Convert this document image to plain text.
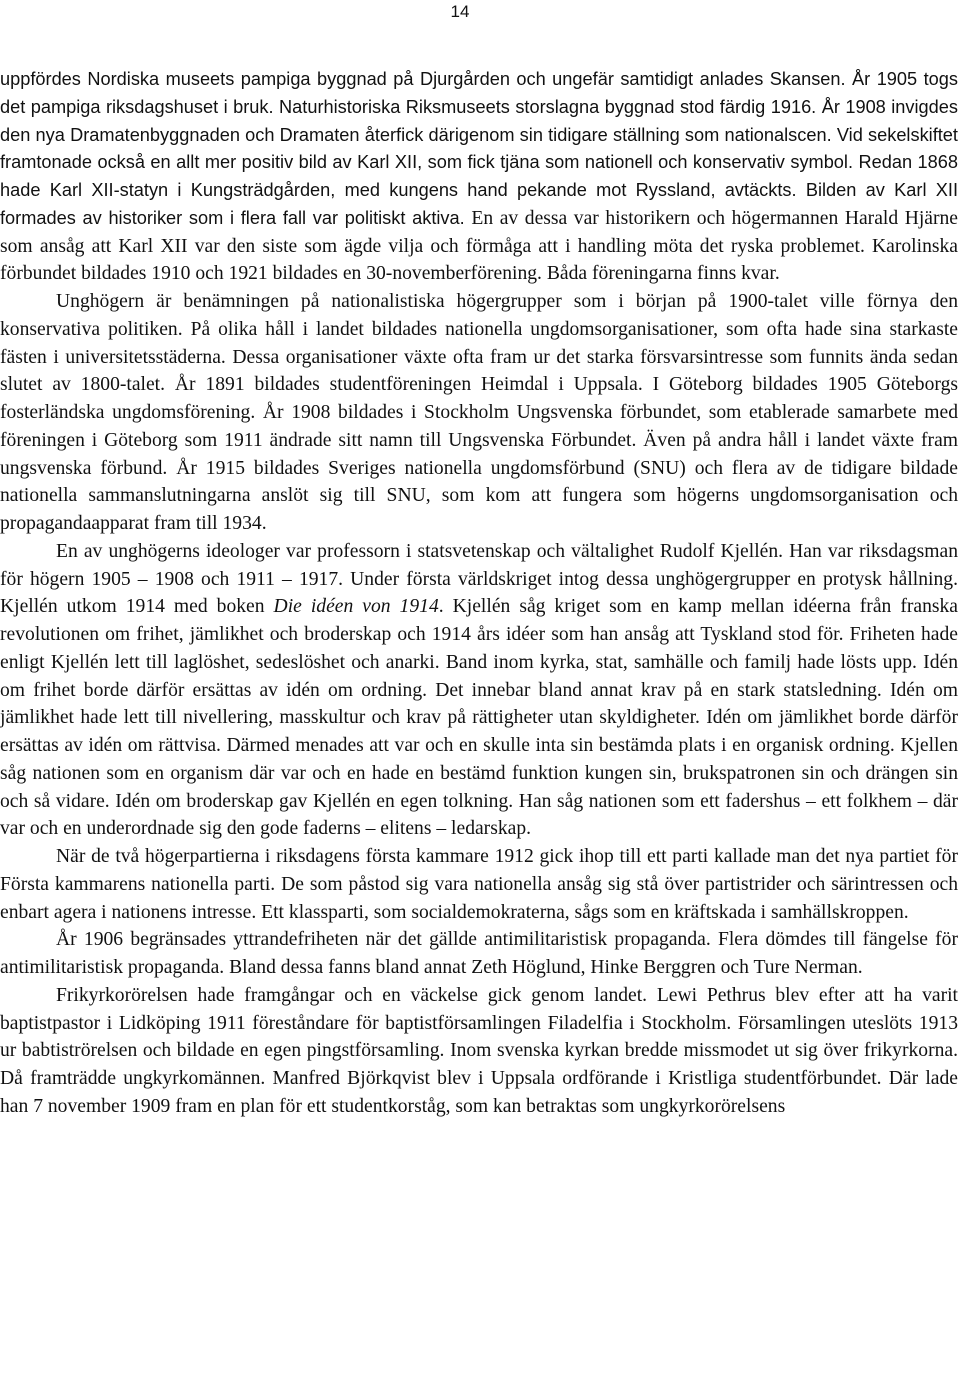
14

uppfördes Nordiska museets pampiga byggnad på Djurgården och ungefär samtidigt anlades Skansen. År 1905 togs det pampiga riksdagshuset i bruk. Naturhistoriska Riksmuseets storslagna byggnad stod färdig 1916. År 1908 invigdes den nya Dramatenbyggnaden och Dramaten återfick därigenom sin tidigare ställning som nationalscen. Vid sekelskiftet framtonade också en allt mer positiv bild av Karl XII, som fick tjäna som nationell och konservativ symbol. Redan 1868 hade Karl XII-statyn i Kungsträdgården, med kungens hand pekande mot Ryssland, avtäckts. Bilden av Karl XII formades av historiker som i flera fall var politiskt aktiva. En av dessa var historikern och högermannen Harald Hjärne som ansåg att Karl XII var den siste som ägde vilja och förmåga att i handling möta det ryska problemet. Karolinska förbundet bildades 1910 och 1921 bildades en 30-novemberförening. Båda föreningarna finns kvar.

Unghögern är benämningen på nationalistiska högergrupper som i början på 1900-talet ville förnya den konservativa politiken. På olika håll i landet bildades nationella ungdomsorganisationer, som ofta hade sina starkaste fästen i universitetsstäderna. Dessa organisationer växte ofta fram ur det starka försvarsintresse som funnits ända sedan slutet av 1800-talet. År 1891 bildades studentföreningen Heimdal i Uppsala. I Göteborg bildades 1905 Göteborgs fosterländska ungdomsförening. År 1908 bildades i Stockholm Ungsvenska förbundet, som etablerade samarbete med föreningen i Göteborg som 1911 ändrade sitt namn till Ungsvenska Förbundet. Även på andra håll i landet växte fram ungsvenska förbund. År 1915 bildades Sveriges nationella ungdomsförbund (SNU) och flera av de tidigare bildade nationella sammanslutningarna anslöt sig till SNU, som kom att fungera som högerns ungdomsorganisation och propagandaapparat fram till 1934.

En av unghögerns ideologer var professorn i statsvetenskap och vältalighet Rudolf Kjellén. Han var riksdagsman för högern 1905 – 1908 och 1911 – 1917. Under första världskriget intog dessa unghögergrupper en protysk hållning. Kjellén utkom 1914 med boken Die idéen von 1914. Kjellén såg kriget som en kamp mellan idéerna från franska revolutionen om frihet, jämlikhet och broderskap och 1914 års idéer som han ansåg att Tyskland stod för. Friheten hade enligt Kjellén lett till laglöshet, sedeslöshet och anarki. Band inom kyrka, stat, samhälle och familj hade lösts upp. Idén om frihet borde därför ersättas av idén om ordning. Det innebar bland annat krav på en stark statsledning. Idén om jämlikhet hade lett till nivellering, masskultur och krav på rättigheter utan skyldigheter. Idén om jämlikhet borde därför ersättas av idén om rättvisa. Därmed menades att var och en skulle inta sin bestämda plats i en organisk ordning. Kjellen såg nationen som en organism där var och en hade en bestämd funktion kungen sin, brukspatronen sin och drängen sin och så vidare. Idén om broderskap gav Kjellén en egen tolkning. Han såg nationen som ett fadershus – ett folkhem – där var och en underordnade sig den gode faderns – elitens – ledarskap.

När de två högerpartierna i riksdagens första kammare 1912 gick ihop till ett parti kallade man det nya partiet för Första kammarens nationella parti. De som påstod sig vara nationella ansåg sig stå över partistrider och särintressen och enbart agera i nationens intresse. Ett klassparti, som socialdemokraterna, sågs som en kräftskada i samhällskroppen.

År 1906 begränsades yttrandefriheten när det gällde antimilitaristisk propaganda. Flera dömdes till fängelse för antimilitaristisk propaganda. Bland dessa fanns bland annat Zeth Höglund, Hinke Berggren och Ture Nerman.

Frikyrkorörelsen hade framgångar och en väckelse gick genom landet. Lewi Pethrus blev efter att ha varit baptistpastor i Lidköping 1911 föreståndare för baptistförsamlingen Filadelfia i Stockholm. Församlingen uteslöts 1913 ur babtiströrelsen och bildade en egen pingstförsamling. Inom svenska kyrkan bredde missmodet ut sig över frikyrkorna. Då framträdde ungkyrkomännen. Manfred Björkqvist blev i Uppsala ordförande i Kristliga studentförbundet. Där lade han 7 november 1909 fram en plan för ett studentkorståg, som kan betraktas som ungkyrkorörelsens
